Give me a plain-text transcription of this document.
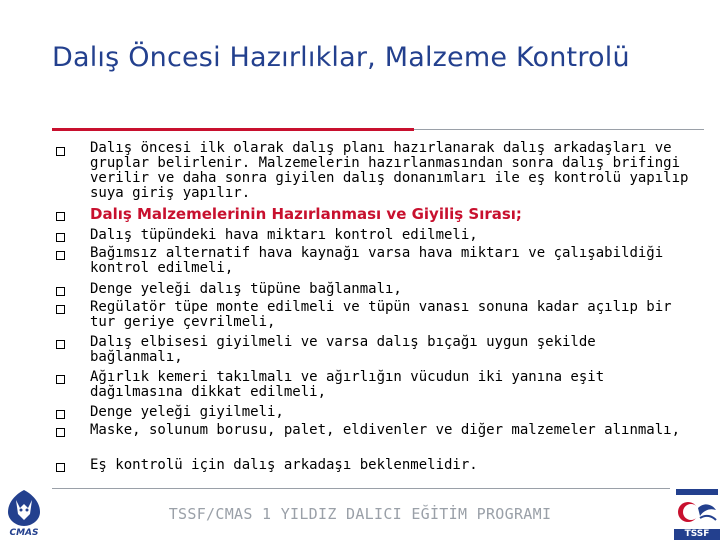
Dalış Öncesi Hazırlıklar, Malzeme Kontrolü
Dalış öncesi ilk olarak dalış planı hazırlanarak dalış arkadaşları ve gruplar belirlenir. Malzemelerin hazırlanmasından sonra dalış brifingi verilir ve daha sonra giyilen dalış donanımları ile eş kontrolü yapılıp suya giriş yapılır.
Dalış Malzemelerinin Hazırlanması ve Giyiliş Sırası;
Dalış tüpündeki hava miktarı kontrol edilmeli,
Bağımsız alternatif hava kaynağı varsa hava miktarı ve çalışabildiği kontrol edilmeli,
Denge yeleği dalış tüpüne bağlanmalı,
Regülatör tüpe monte edilmeli ve tüpün vanası sonuna kadar açılıp bir tur geriye çevrilmeli,
Dalış elbisesi giyilmeli ve varsa dalış bıçağı uygun şekilde bağlanmalı,
Ağırlık kemeri takılmalı ve ağırlığın vücudun iki yanına eşit dağılmasına dikkat edilmeli,
Denge yeleği giyilmeli,
Maske, solunum borusu, palet, eldivenler ve diğer malzemeler alınmalı,
Eş kontrolü için dalış arkadaşı beklenmelidir.
TSSF/CMAS 1 YILDIZ DALICI EĞİTİM PROGRAMI
CMAS	TSSF
